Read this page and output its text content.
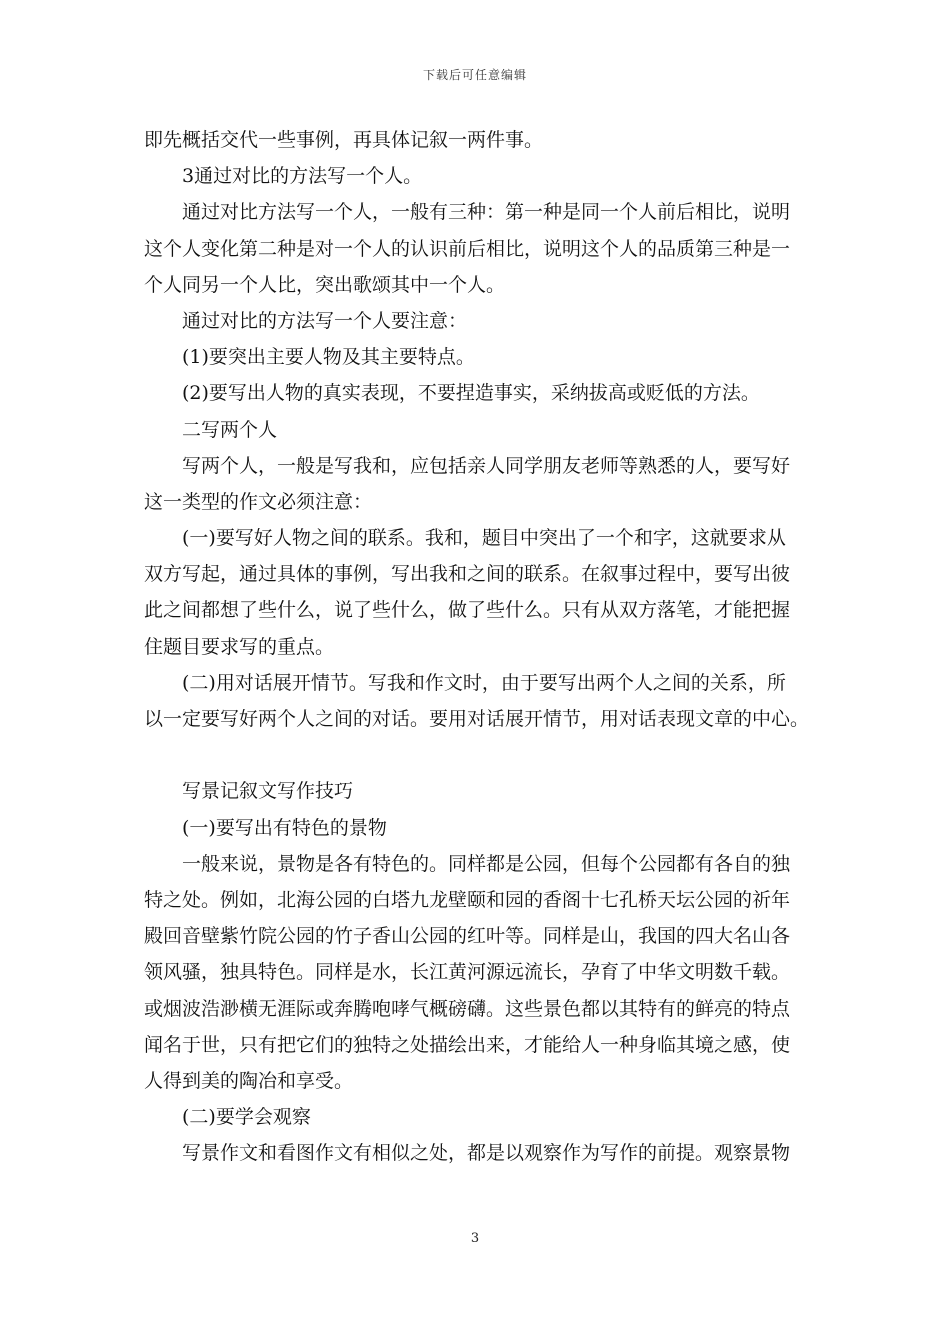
下载后可任意编辑
即先概括交代一些事例，再具体记叙一两件事。
3通过对比的方法写一个人。
通过对比方法写一个人，一般有三种：第一种是同一个人前后相比，说明
这个人变化第二种是对一个人的认识前后相比，说明这个人的品质第三种是一
个人同另一个人比，突出歌颂其中一个人。
通过对比的方法写一个人要注意：
(1)要突出主要人物及其主要特点。
(2)要写出人物的真实表现，不要捏造事实，采纳拔高或贬低的方法。
二写两个人
写两个人，一般是写我和，应包括亲人同学朋友老师等熟悉的人，要写好
这一类型的作文必须注意：
(一)要写好人物之间的联系。我和，题目中突出了一个和字，这就要求从
双方写起，通过具体的事例，写出我和之间的联系。在叙事过程中，要写出彼
此之间都想了些什么，说了些什么，做了些什么。只有从双方落笔，才能把握
住题目要求写的重点。
(二)用对话展开情节。写我和作文时，由于要写出两个人之间的关系，所
以一定要写好两个人之间的对话。要用对话展开情节，用对话表现文章的中心。
写景记叙文写作技巧
(一)要写出有特色的景物
一般来说，景物是各有特色的。同样都是公园，但每个公园都有各自的独
特之处。例如，北海公园的白塔九龙壁颐和园的香阁十七孔桥天坛公园的祈年
殿回音壁紫竹院公园的竹子香山公园的红叶等。同样是山，我国的四大名山各
领风骚，独具特色。同样是水，长江黄河源远流长，孕育了中华文明数千载。
或烟波浩渺横无涯际或奔腾咆哮气概磅礴。这些景色都以其特有的鲜亮的特点
闻名于世，只有把它们的独特之处描绘出来，才能给人一种身临其境之感，使
人得到美的陶冶和享受。
(二)要学会观察
写景作文和看图作文有相似之处，都是以观察作为写作的前提。观察景物
3
